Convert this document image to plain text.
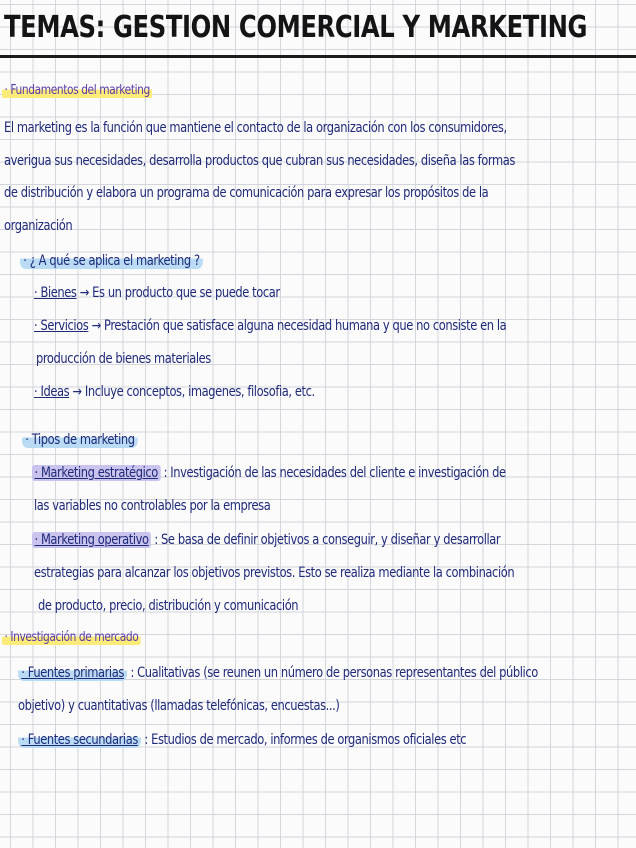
TEMAS: GESTION COMERCIAL Y MARKETING

· Fundamentos del marketing

El marketing es la función que mantiene el contacto de la organización con los consumidores,

averigua sus necesidades, desarrolla productos que cubran sus necesidades, diseña las formas

de distribución y elabora un programa de comunicación para expresar los propósitos de la

organización

· ¿ A qué se aplica el marketing ?

· Bienes → Es un producto que se puede tocar

· Servicios → Prestación que satisface alguna necesidad humana y que no consiste en la

producción de bienes materiales

· Ideas → Incluye conceptos, imagenes, filosofia, etc.

· Tipos de marketing

· Marketing estratégico : Investigación de las necesidades del cliente e investigación de

las variables no controlables por la empresa

· Marketing operativo : Se basa de definir objetivos a conseguir, y diseñar y desarrollar

estrategias para alcanzar los objetivos previstos. Esto se realiza mediante la combinación

de producto, precio, distribución y comunicación

· Investigación de mercado

· Fuentes primarias : Cualitativas (se reunen un número de personas representantes del público

objetivo) y cuantitativas (llamadas telefónicas, encuestas...)

· Fuentes secundarias : Estudios de mercado, informes de organismos oficiales etc
